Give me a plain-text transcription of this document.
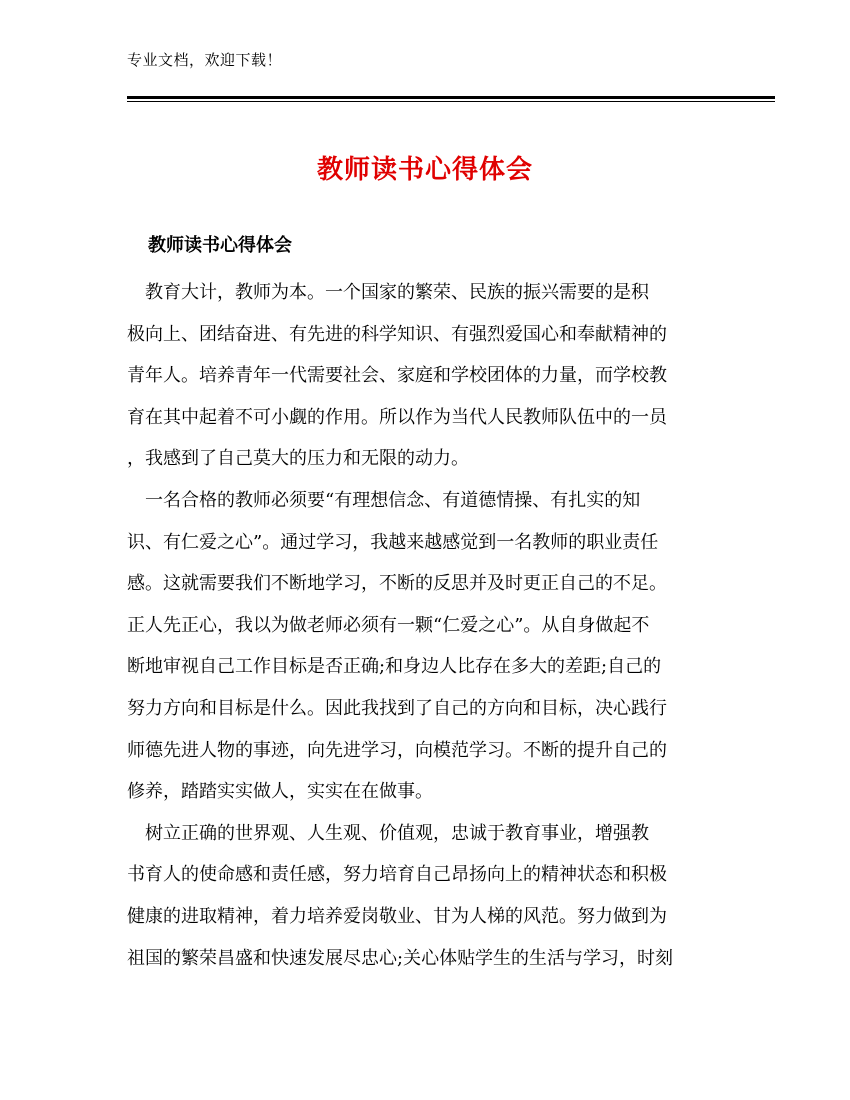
专业文档，欢迎下载！
教师读书心得体会
教师读书心得体会
　教育大计，教师为本。一个国家的繁荣、民族的振兴需要的是积
极向上、团结奋进、有先进的科学知识、有强烈爱国心和奉献精神的
青年人。培养青年一代需要社会、家庭和学校团体的力量，而学校教
育在其中起着不可小觑的作用。所以作为当代人民教师队伍中的一员
，我感到了自己莫大的压力和无限的动力。
　一名合格的教师必须要“有理想信念、有道德情操、有扎实的知
识、有仁爱之心”。通过学习，我越来越感觉到一名教师的职业责任
感。这就需要我们不断地学习，不断的反思并及时更正自己的不足。
正人先正心，我以为做老师必须有一颗“仁爱之心”。从自身做起不
断地审视自己工作目标是否正确;和身边人比存在多大的差距;自己的
努力方向和目标是什么。因此我找到了自己的方向和目标，决心践行
师德先进人物的事迹，向先进学习，向模范学习。不断的提升自己的
修养，踏踏实实做人，实实在在做事。
　树立正确的世界观、人生观、价值观，忠诚于教育事业，增强教
书育人的使命感和责任感，努力培育自己昂扬向上的精神状态和积极
健康的进取精神，着力培养爱岗敬业、甘为人梯的风范。努力做到为
祖国的繁荣昌盛和快速发展尽忠心;关心体贴学生的生活与学习，时刻
